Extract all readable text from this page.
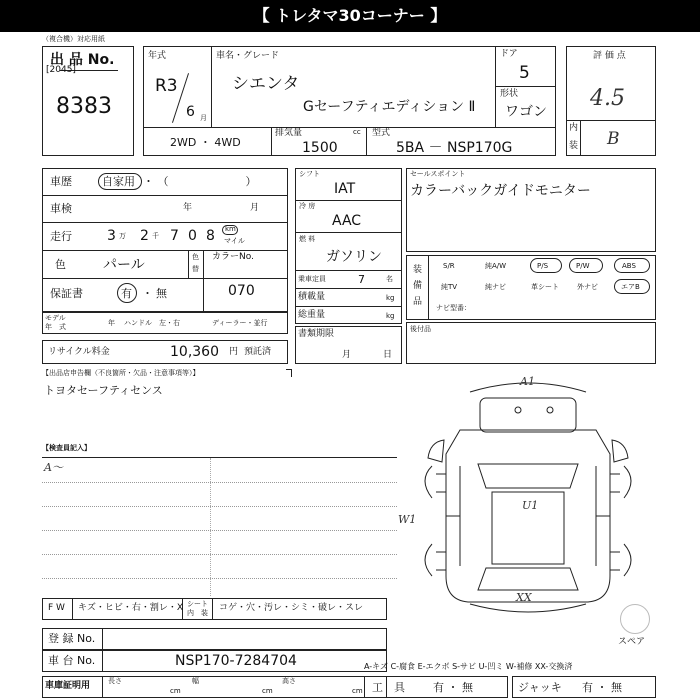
【 トレタマ30コーナー 】
（複合機）対応用紙
出 品 No.
[2045]
8383
年式
R3
6 月
車名・グレード
シエンタ
Gセーフティエディション Ⅱ
ドア
5
形状
ワゴン
2WD ・ 4WD
排気量	cc
1500
型式
5BA － NSP170G
評 価 点
4.5
内
装 B
車歴	自家用 ・ （　　　　　　　）
車検	年	月
走行	3 万 2 千 7 0 8 km
マイル
色	パール	色
替
カラーNo.
070
保証書	有 ・ 無
モデル
年　式	年 ハンドル　左・右	ディーラー・並行
リサイクル料金	10,360 円 預託済
シフト
IAT
冷 房
AAC
燃 料
ガソリン
乗車定員	7	名
積載量	kg
総重量	kg
書類期限
月	日
セールスポイント
カラーバックガイドモニター
装
備
品
S/R	純A/W	P/S	P/W	ABS
純TV	純ナビ	革シート	外ナビ	エアB
ナビ型番：
後付品
【出品店申告欄（不良箇所・欠品・注意事項等）】
トヨタセーフティセンス
【検査員記入】
A～
A1
W1
U1
XX
スペア
F W キズ・ヒビ・右・割レ・X シート
内　装 コゲ・穴・汚レ・シミ・破レ・スレ
登 録 No.
車 台 No.	NSP170-7284704
車庫証明用	長さ
cm
幅
cm
高さ
cm
A-キズ C-腐食 E-エクボ S-サビ U-凹ミ W-補修 XX-交換済
工　具	有 ・ 無	ジャッキ 有 ・ 無
